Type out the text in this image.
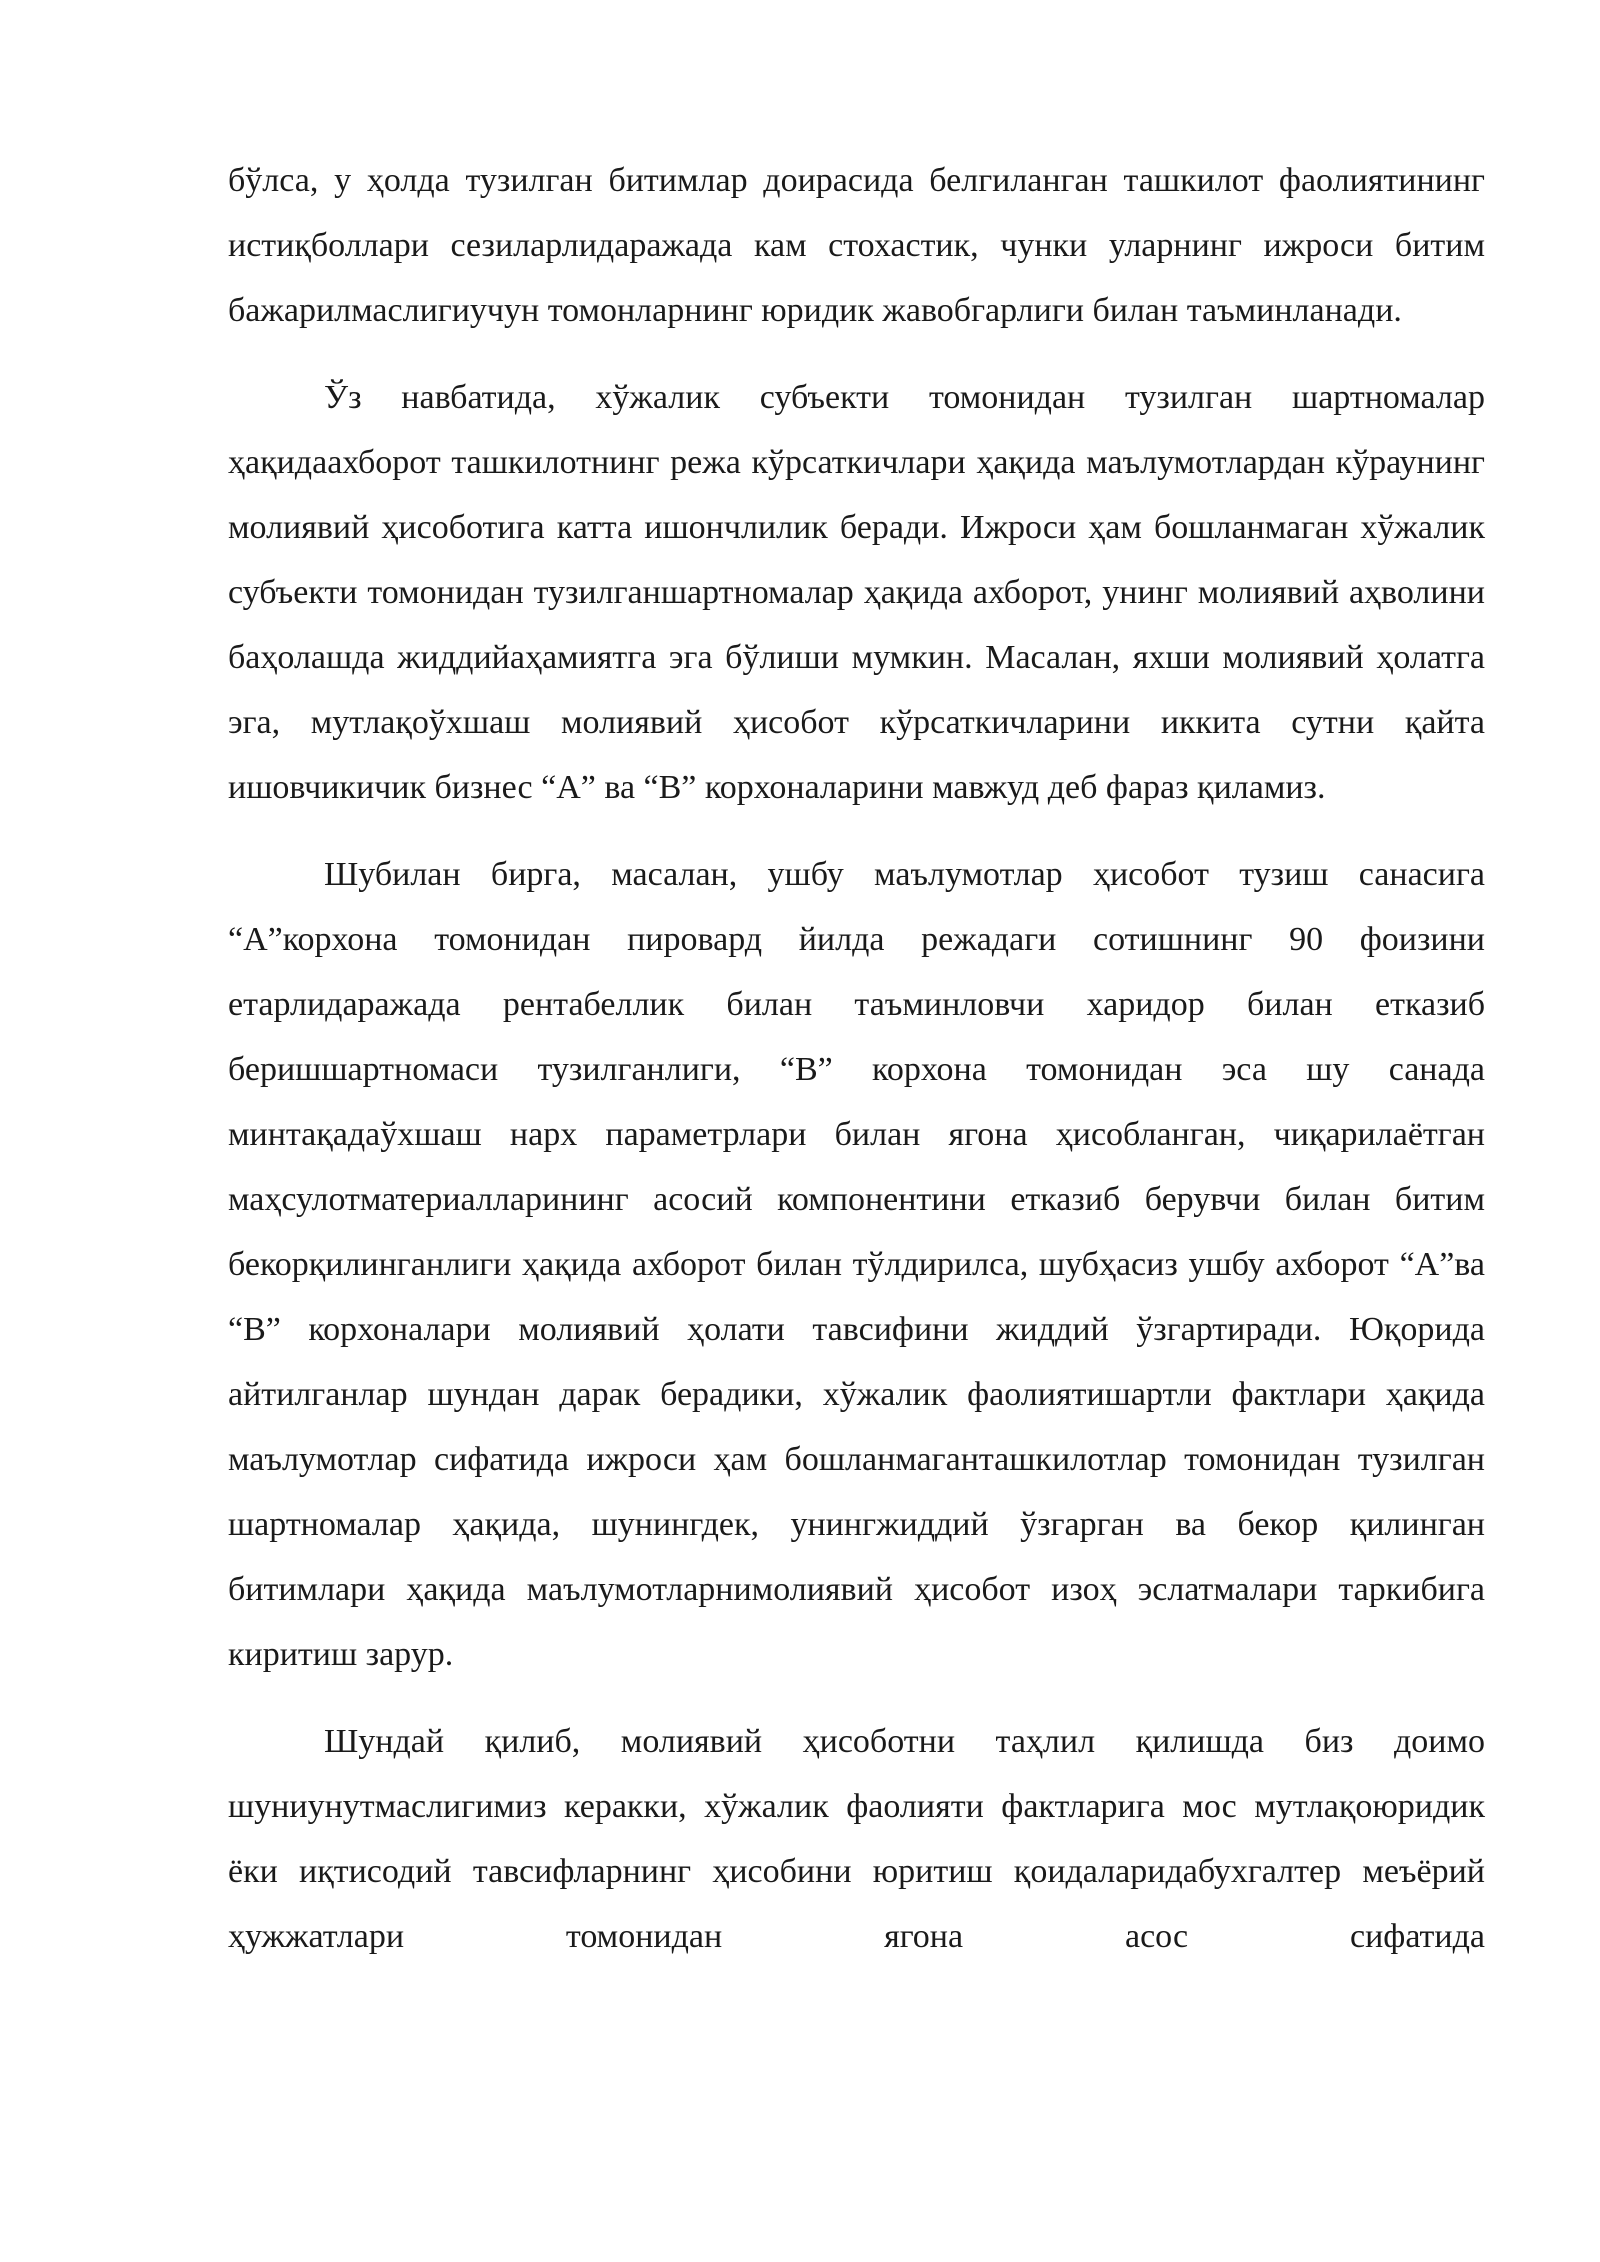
бўлса, у ҳолда тузилган битимлар доирасида белгиланган ташкилот фаолиятининг истиқболлари сезиларлидаражада кам стохастик, чунки уларнинг ижроси битим бажарилмаслигиучун томонларнинг юридик жавобгарлиги билан таъминланади.

Ўз навбатида, хўжалик субъекти томонидан тузилган шартномалар ҳақидаахборот ташкилотнинг режа кўрсаткичлари ҳақида маълумотлардан кўраунинг молиявий ҳисоботига катта ишончлилик беради. Ижроси ҳам бошланмаган хўжалик субъекти томонидан тузилганшартномалар ҳақида ахборот, унинг молиявий аҳволини баҳолашда жиддийаҳамиятга эга бўлиши мумкин. Масалан, яхши молиявий ҳолатга эга, мутлақоўхшаш молиявий ҳисобот кўрсаткичларини иккита сутни қайта ишовчикичик бизнес “А” ва “В” корхоналарини мавжуд деб фараз қиламиз.

Шубилан бирга, масалан, ушбу маълумотлар ҳисобот тузиш санасига “А”корхона томонидан пировард йилда режадаги сотишнинг 90 фоизини етарлидаражада рентабеллик билан таъминловчи харидор билан етказиб беришшартномаси тузилганлиги, “В” корхона томонидан эса шу санада минтақадаўхшаш нарх параметрлари билан ягона ҳисобланган, чиқарилаётган маҳсулотматериалларининг асосий компонентини етказиб берувчи билан битим бекорқилинганлиги ҳақида ахборот билан тўлдирилса, шубҳасиз ушбу ахборот “А”ва “В” корхоналари молиявий ҳолати тавсифини жиддий ўзгартиради. Юқорида айтилганлар шундан дарак берадики, хўжалик фаолиятишартли фактлари ҳақида маълумотлар сифатида ижроси ҳам бошланмаганташкилотлар томонидан тузилган шартномалар ҳақида, шунингдек, унингжиддий ўзгарган ва бекор қилинган битимлари ҳақида маълумотларнимолиявий ҳисобот изоҳ эслатмалари таркибига киритиш зарур.

Шундай қилиб, молиявий ҳисоботни таҳлил қилишда биз доимо шуниунутмаслигимиз керакки, хўжалик фаолияти фактларига мос мутлақоюридик ёки иқтисодий тавсифларнинг ҳисобини юритиш қоидаларидабухгалтер меъёрий ҳужжатлари томонидан ягона асос сифатида
